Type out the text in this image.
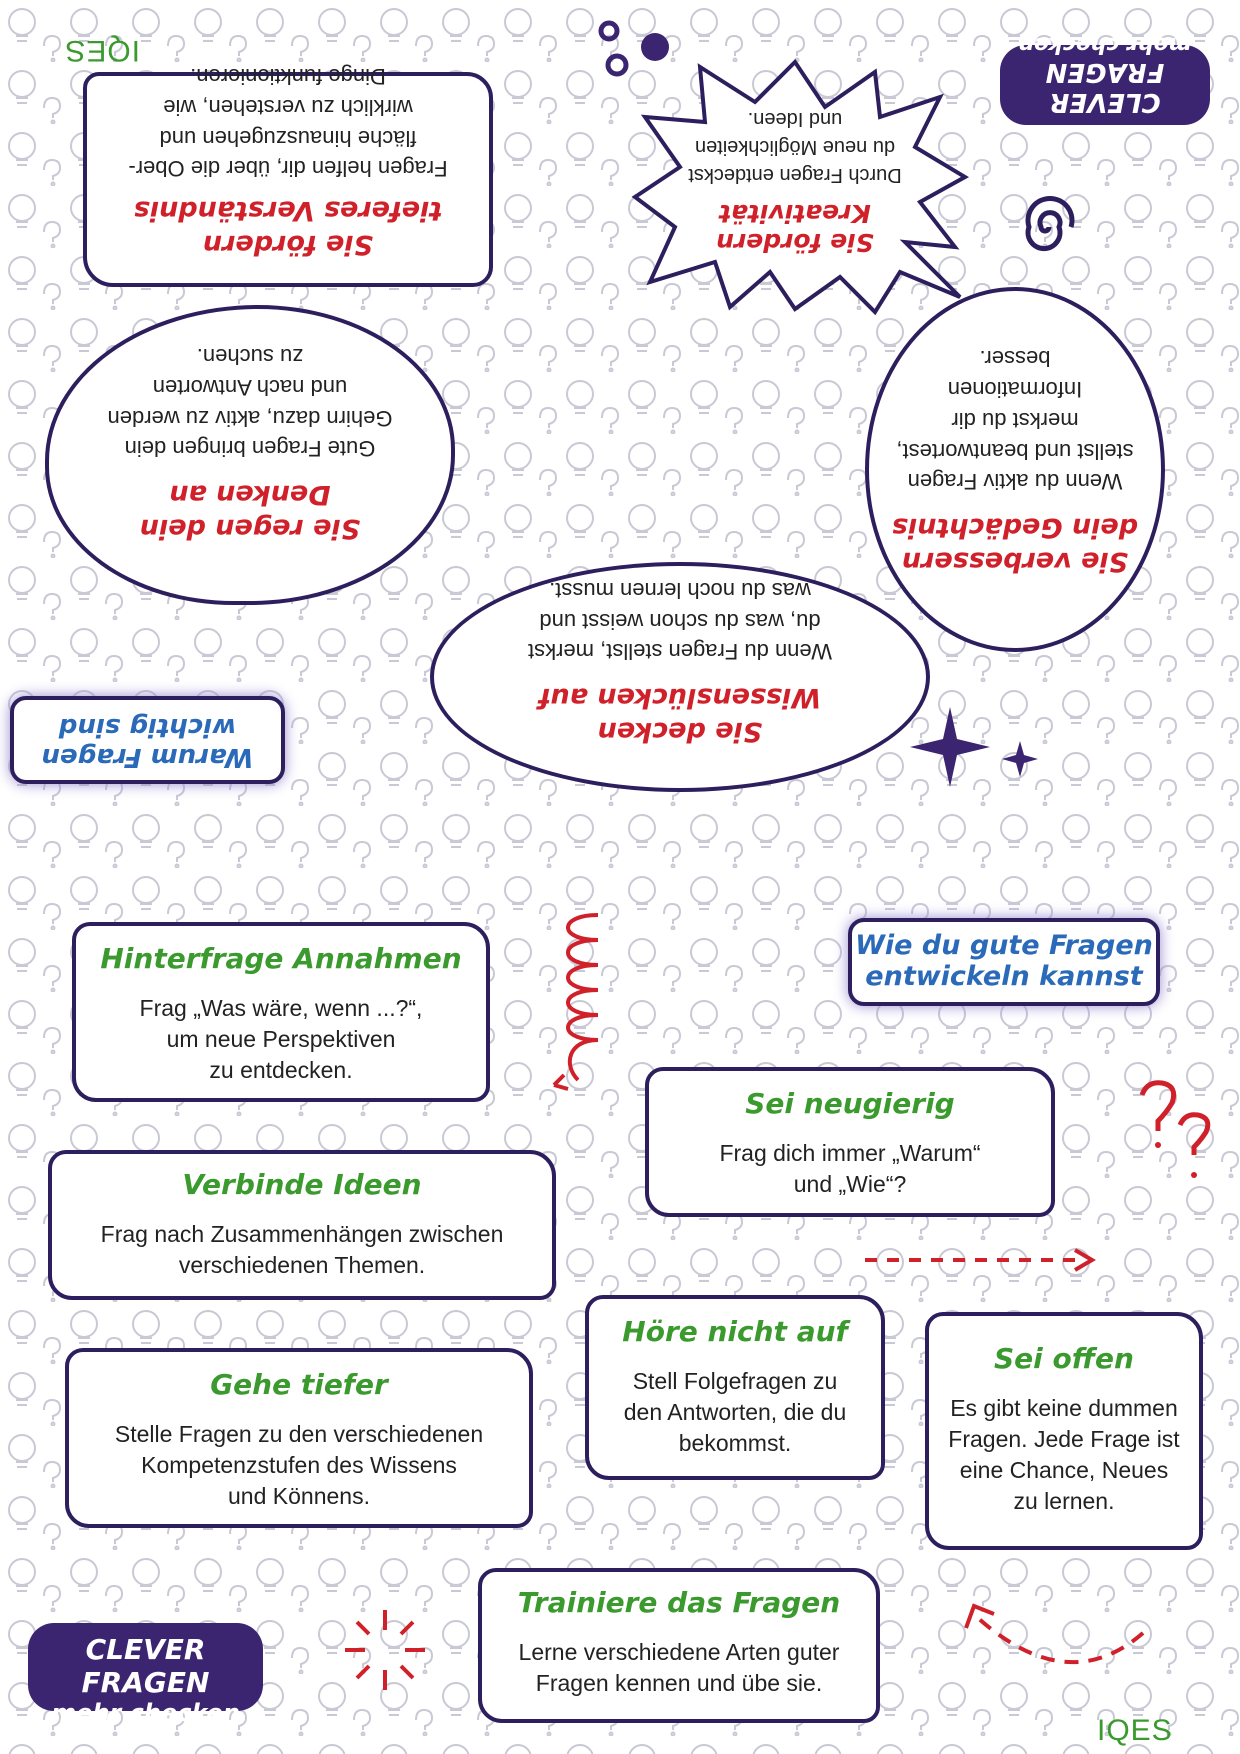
CLEVER FRAGEN
mehr checken
IQES
Warum Fragen
wichtig sind
Sie fördern
tieferes Verständnis
Fragen helfen dir, über die Ober-
fläche hinauszugehen und
wirklich zu verstehen, wie
Dinge funktionieren.
Sie fördern
Kreativität
Durch Fragen entdeckst
du neue Möglichkeiten
und Ideen.
Sie regen dein
Denken an
Gute Fragen bringen dein
Gehirn dazu, aktiv zu werden
und nach Antworten
zu suchen.
Sie verbessern
dein Gedächtnis
Wenn du aktiv Fragen
stellst und beantwortest,
merkst du dir
Informationen
besser.
Sie decken
Wissenslücken auf
Wenn du Fragen stellst, merkst
du, was du schon weisst und
was du noch lernen musst.
Wie du gute Fragen
entwickeln kannst
Hinterfrage Annahmen
Frag „Was wäre, wenn ...?“,
um neue Perspektiven
zu entdecken.
Sei neugierig
Frag dich immer „Warum“
und „Wie“?
Verbinde Ideen
Frag nach Zusammenhängen zwischen
verschiedenen Themen.
Höre nicht auf
Stell Folgefragen zu
den Antworten, die du
bekommst.
Sei offen
Es gibt keine dummen
Fragen. Jede Frage ist
eine Chance, Neues
zu lernen.
Gehe tiefer
Stelle Fragen zu den verschiedenen
Kompetenzstufen des Wissens
und Könnens.
Trainiere das Fragen
Lerne verschiedene Arten guter
Fragen kennen und übe sie.
CLEVER FRAGEN
mehr checken
IQES
